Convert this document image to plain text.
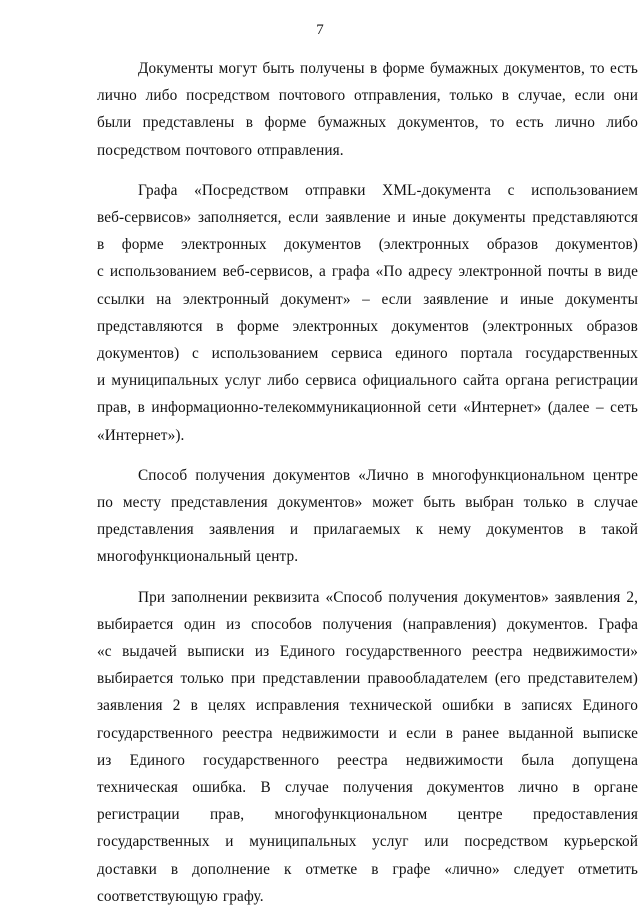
7
Документы могут быть получены в форме бумажных документов, то есть
лично либо посредством почтового отправления, только в случае, если они
были представлены в форме бумажных документов, то есть лично либо
посредством почтового отправления.
Графа «Посредством отправки XML-документа с использованием
веб-сервисов» заполняется, если заявление и иные документы представляются
в форме электронных документов (электронных образов документов)
с использованием веб-сервисов, а графа «По адресу электронной почты в виде
ссылки на электронный документ» – если заявление и иные документы
представляются в форме электронных документов (электронных образов
документов) с использованием сервиса единого портала государственных
и муниципальных услуг либо сервиса официального сайта органа регистрации
прав, в информационно-телекоммуникационной сети «Интернет» (далее – сеть
«Интернет»).
Способ получения документов «Лично в многофункциональном центре
по месту представления документов» может быть выбран только в случае
представления заявления и прилагаемых к нему документов в такой
многофункциональный центр.
При заполнении реквизита «Способ получения документов» заявления 2,
выбирается один из способов получения (направления) документов. Графа
«с выдачей выписки из Единого государственного реестра недвижимости»
выбирается только при представлении правообладателем (его представителем)
заявления 2 в целях исправления технической ошибки в записях Единого
государственного реестра недвижимости и если в ранее выданной выписке
из Единого государственного реестра недвижимости была допущена
техническая ошибка. В случае получения документов лично в органе
регистрации прав, многофункциональном центре предоставления
государственных и муниципальных услуг или посредством курьерской
доставки в дополнение к отметке в графе «лично» следует отметить
соответствующую графу.
